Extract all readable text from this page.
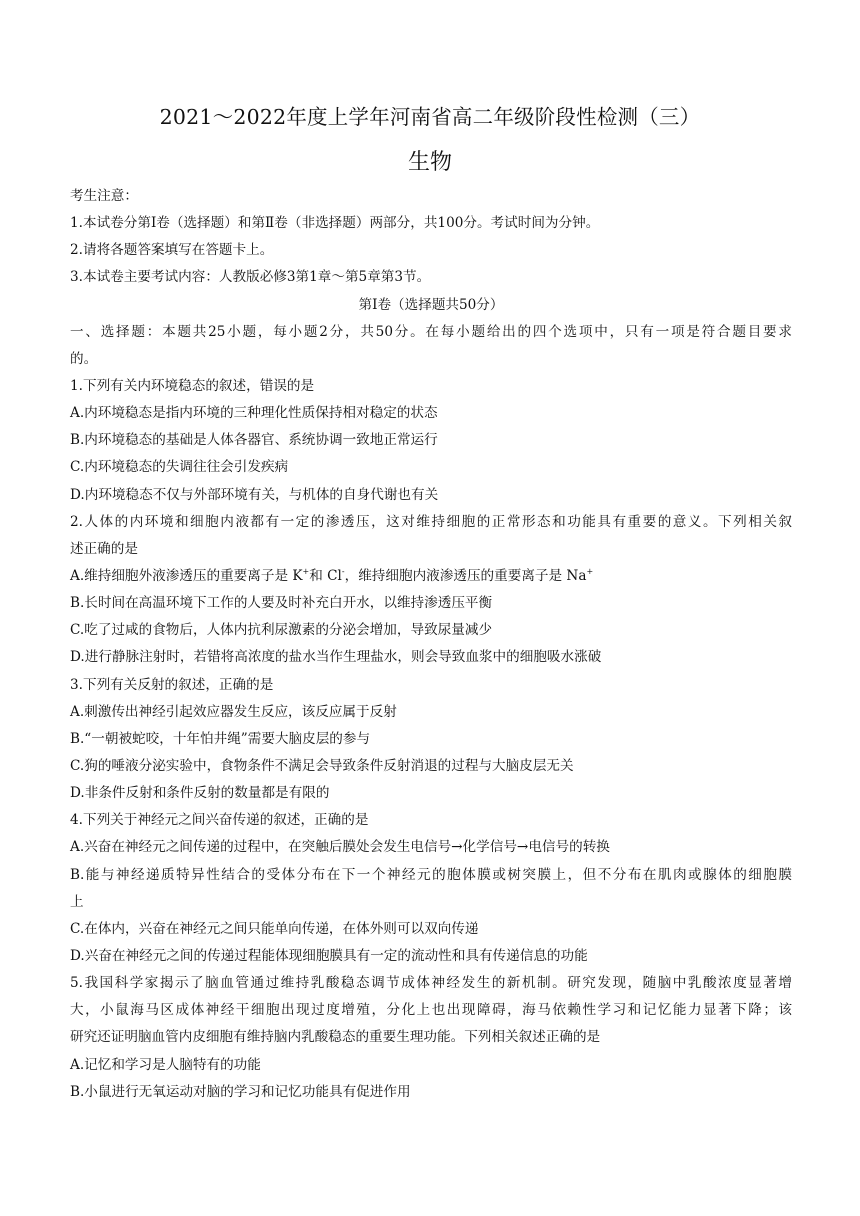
2021～2022年度上学年河南省高二年级阶段性检测（三）
生物
考生注意：
1.本试卷分第Ⅰ卷（选择题）和第Ⅱ卷（非选择题）两部分，共100分。考试时间为分钟。
2.请将各题答案填写在答题卡上。
3.本试卷主要考试内容：人教版必修3第1章～第5章第3节。
第Ⅰ卷（选择题共50分）
一、选择题：本题共25小题，每小题2分，共50分。在每小题给出的四个选项中，只有一项是符合题目要求
的。
1.下列有关内环境稳态的叙述，错误的是
A.内环境稳态是指内环境的三种理化性质保持相对稳定的状态
B.内环境稳态的基础是人体各器官、系统协调一致地正常运行
C.内环境稳态的失调往往会引发疾病
D.内环境稳态不仅与外部环境有关，与机体的自身代谢也有关
2.人体的内环境和细胞内液都有一定的渗透压，这对维持细胞的正常形态和功能具有重要的意义。下列相关叙
述正确的是
A.维持细胞外液渗透压的重要离子是 K+和 Cl-，维持细胞内液渗透压的重要离子是 Na+
B.长时间在高温环境下工作的人要及时补充白开水，以维持渗透压平衡
C.吃了过咸的食物后，人体内抗利尿激素的分泌会增加，导致尿量减少
D.进行静脉注射时，若错将高浓度的盐水当作生理盐水，则会导致血浆中的细胞吸水涨破
3.下列有关反射的叙述，正确的是
A.刺激传出神经引起效应器发生反应，该反应属于反射
B.“一朝被蛇咬，十年怕井绳”需要大脑皮层的参与
C.狗的唾液分泌实验中，食物条件不满足会导致条件反射消退的过程与大脑皮层无关
D.非条件反射和条件反射的数量都是有限的
4.下列关于神经元之间兴奋传递的叙述，正确的是
A.兴奋在神经元之间传递的过程中，在突触后膜处会发生电信号→化学信号→电信号的转换
B.能与神经递质特异性结合的受体分布在下一个神经元的胞体膜或树突膜上，但不分布在肌肉或腺体的细胞膜
上
C.在体内，兴奋在神经元之间只能单向传递，在体外则可以双向传递
D.兴奋在神经元之间的传递过程能体现细胞膜具有一定的流动性和具有传递信息的功能
5.我国科学家揭示了脑血管通过维持乳酸稳态调节成体神经发生的新机制。研究发现，随脑中乳酸浓度显著增
大，小鼠海马区成体神经干细胞出现过度增殖，分化上也出现障碍，海马依赖性学习和记忆能力显著下降；该
研究还证明脑血管内皮细胞有维持脑内乳酸稳态的重要生理功能。下列相关叙述正确的是
A.记忆和学习是人脑特有的功能
B.小鼠进行无氧运动对脑的学习和记忆功能具有促进作用
